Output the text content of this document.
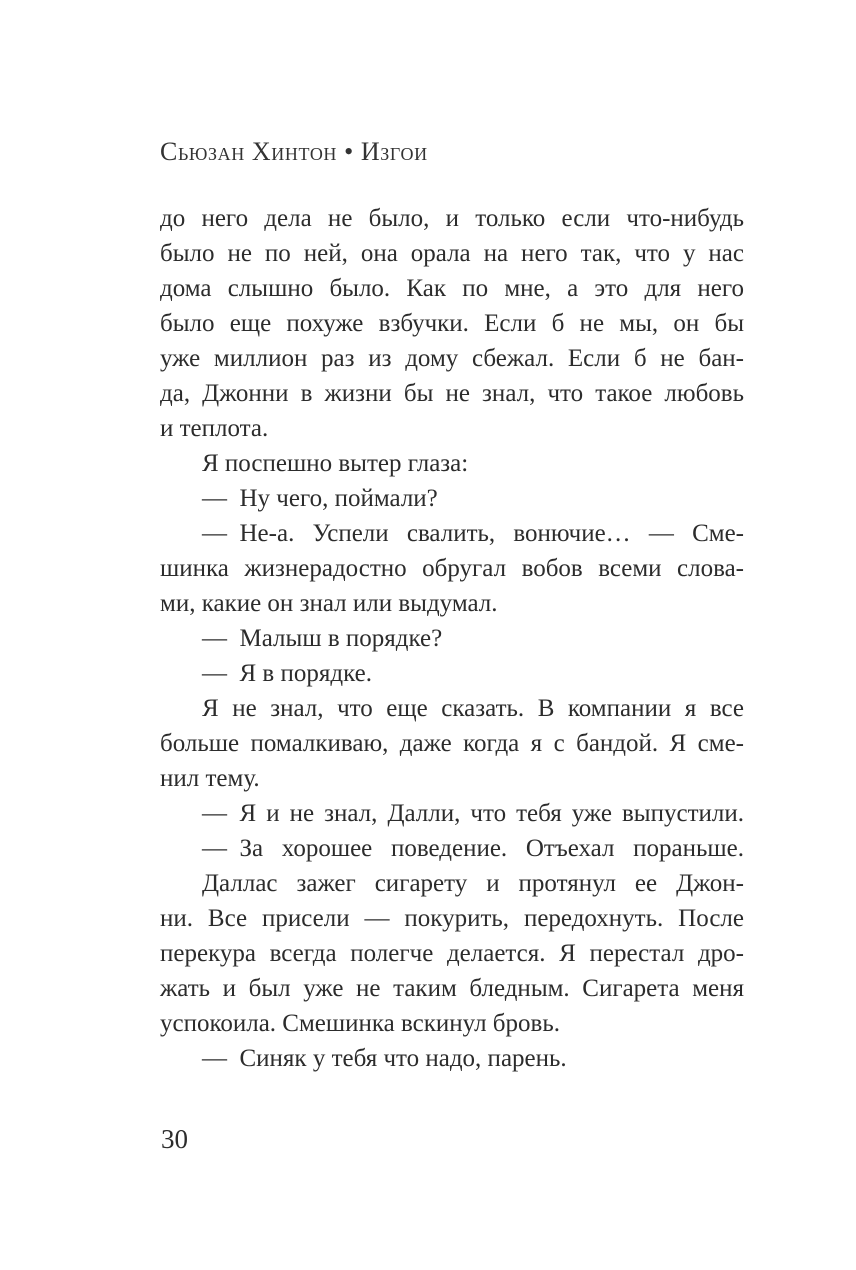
Сьюзан Хинтон • Изгои
до него дела не было, и только если что-нибудь
было не по ней, она орала на него так, что у нас
дома слышно было. Как по мне, а это для него
было еще похуже взбучки. Если б не мы, он бы
уже миллион раз из дому сбежал. Если б не бан-
да, Джонни в жизни бы не знал, что такое любовь
и теплота.
Я поспешно вытер глаза:
— Ну чего, поймали?
— Не-а. Успели свалить, вонючие… — Сме-
шинка жизнерадостно обругал вобов всеми слова-
ми, какие он знал или выдумал.
— Малыш в порядке?
— Я в порядке.
Я не знал, что еще сказать. В компании я все
больше помалкиваю, даже когда я с бандой. Я сме-
нил тему.
— Я и не знал, Далли, что тебя уже выпустили.
— За хорошее поведение. Отъехал пораньше.
Даллас зажег сигарету и протянул ее Джон-
ни. Все присели — покурить, передохнуть. После
перекура всегда полегче делается. Я перестал дро-
жать и был уже не таким бледным. Сигарета меня
успокоила. Смешинка вскинул бровь.
— Синяк у тебя что надо, парень.
30
